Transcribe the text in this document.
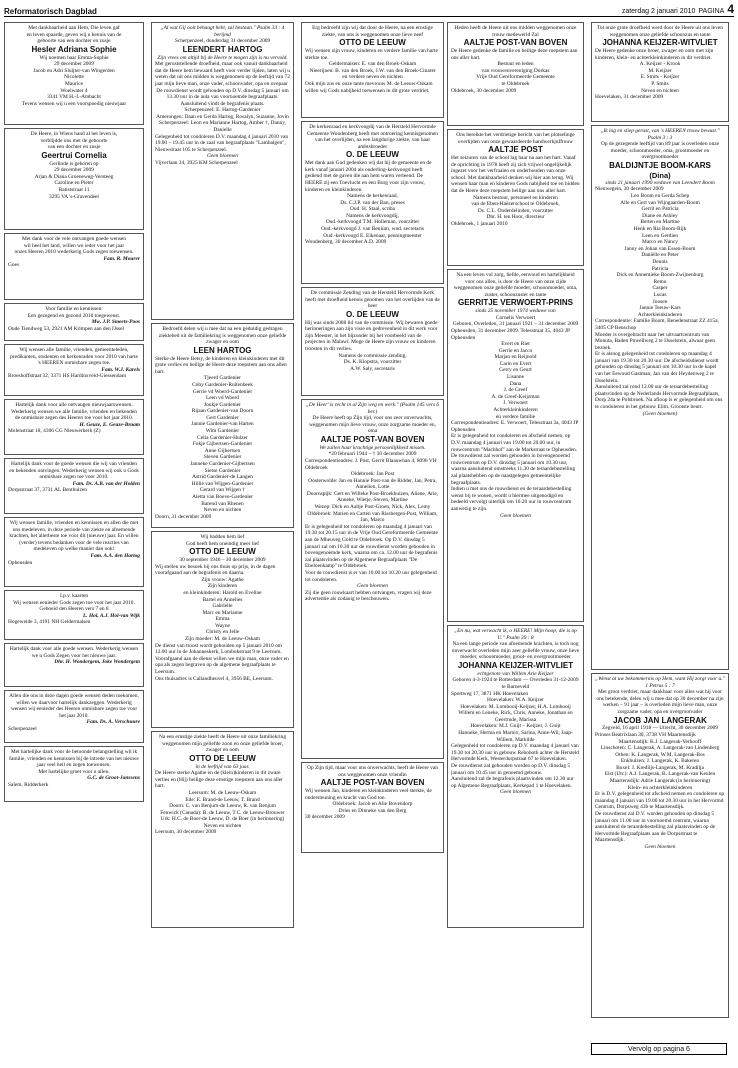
Reformatorisch Dagblad	zaterdag 2 januari 2010 PAGINA 4

Met dankbaarheid aan Hem, Die leven gaf

en leven spaarde, geven wij u kennis van de

geboorte van een dochter en zusje

Hesler Adriana Sophie

Wij noemen haar Emma-Sophie

29 december 2009

Jacob en Adri Sluijter-van Wingerden

Nicolette

Maurice

Woelwater 4

3341 VM H.-I.-Ambacht

Tevens wensen wij u een voorspoedig nieuwjaar

De Heere, in Wiens hand al het leven is,

verblijdde ons met de geboorte

van een dochter en zusje

Geertrui Cornelia

Gerlinde is geboren op

29 december 2009

Arjan & Diana Groeneweg-Versteeg

Caroline en Pieter

Batiststraat 11

3295 VA 's-Gravendeel

Met dank voor de vele ontvangen goede wensen

wil heel het land, willen we ieder voor het jaar

onzes Heeren 2010 wederkerig Gods zegen toewensen.

Fam. R. Mourer

Goes

Voor familie en kennissen:

Een gezegend en gezond 2010 toegewenst.

Mw. J.P. Smeets-Poos

Oude Tiendweg 53, 2921 AM Krimpen aan den IJssel

Wij wensen alle familie, vrienden, gemeenteleden, predikanten, studenten en kerkenraden voor 2010 van harte 's HEEREN onmisbare zegen toe.

Fam. W.J. Karels

Broeshoffstraat 32, 3371 HS Hardinxveld-Giessendam

Hartelijk dank voor alle ontvangen nieuwjaarswensen. Wederkerig wensen we alle familie, vrienden en bekenden de onmisbare zegen des Heeren toe voor het jaar 2010.

H. Geuze, E. Geuze-Braam

Molenstraat 18, 4306 CG Nieuwerkerk (Z)

Hartelijk dank voor de goede wensen die wij van vrienden en bekenden ontvingen. Wederkerig wensen wij ook u Gods onmisbare zegen toe voor 2010.

Fam. Ds. A.B. van der Holden

Dorpsstraat 37, 3731 AL Benthuizen

Wij wensen familie, vrienden en kennissen en allen die met ons medeleven, in deze periode van ziekte en afnemende krachten, het allerbeste toe voor dit (nieuwe) jaar. En willen (verder) tevens bedanken voor de vele reacties van medeleven op welke manier dan ook!

Fam. A.A. den Hartog

Opheusden

I.p.v. kaarten

Wij wensen eenieder Gods zegen toe voor het jaar 2010.

Geboeid den Heeren vers 7 en 8

L. Hol, A.J. Hol-van Wijk

Hogeweide 3, 4191 NH Geldermalsen

Hartelijk dank voor alle goede wensen. Wederkerig wensen we u Gods Zegen voor het nieuwe jaar.

Dhr. H. Wondergem, Joke Wondergem

Allen die ons in deze dagen goede wensen deden toekomen, willen we daarvoor hartelijk dankzeggen. Wederkerig wensen wij eenieder des Heeren onmisbare zegen toe voor het jaar 2010.

Fam. Ds. A. Verschuure

Scherpenzeel

Met hartelijke dank voor de betoonde belangstelling wil ik familie, vrienden en kennissen bij de intrede van het nieuwe jaar veel heil en zegen toewensen.

Met hartelijke groet voor u allen.

G.C. de Groot-Janssens

Salem, Ridderkerk

„Al wat Gij ooit behaagt hebt, zal bestaan." Psalm 33 : 4 berijmd

Scherpenzeel, donderdag 31 december 2009

LEENDERT HARTOG

Zijn vrees om altijd bij de Heere te mogen zijn is nu vervuld.

Met geruststellende droefheid, maar ook vanuit dankbaarheid dat de Heere hem bewaard heeft voor verder lijden, laten wij u weten dat uit ons midden is weggenomen op de leeftijd van 72 jaar mijn lieve man, onze vader, schoonvader, opa en ovepaar

De rouwdienst wordt gehouden op D.V. dinsdag 5 januari om 13.30 uur in de aula van voornoemde begraafplaats.

Aansluitend vindt de begrafenis plaats.

Scherpenzeel: E. Hartog-Gardenier

Amerongen: Daan en Gerda Hartog, Rosalyn, Suzanne, Jovin

Scherpenzeel: Leon en Marianne Hartog, Amber †, Danny, Danielle

Gelegenheid tot condoleren D.V. maandag 4 januari 2010 van 19.00 – 19.45 uur in de zaal van begraafplaats "Lambalgen", Nieuwstraat 105 te Scherpenzeel.

Geen bloemen

Vijverlaan 34, 3925 KM Scherpenzeel

Bedroefd delen wij u mee dat na een geduldig gedragen ziektebed uit de familiekring is weggenomen onze geliefde zwager en oom

LEEN HARTOG

Sterke de Heere Betsy, de kinderen en kleinkinderen met dit grote verlies en heilige de Heere deze roepstem aan ons allen hart.

Tjeerd Gardenier

Coby Gardenier-Ruitenbeek

Gerrie vd Woerd-Gardenier

Leen vd Woerd

Joukje Gardenier

Rijaan Gardenier-van Doorn

Gert Gardenier

Jannie Gardenier-van Harten

Wim Gardenier

Celia Gardenier-Hulzer

Fokje Gijbertsen-Gardenier

Anne Gijbertsen

Steven Gardenier

Janneke Gardenier-Gijbertsen

Sietse Gardenier

Astrid Gardenier-de Langen

Hillie van Wijgen-Gardenier

Gerard van Wijgen †

Aletta van Boeve-Gardenier

Barend van Rhenen

Neven en nichten

Doorn, 31 december 2009

Wij hadden hem lief

God heeft hem oneindig meer lief

OTTO DE LEEUW

30 september 1946 – 30 december 2009

Wij stellen uw besoek bij ons thuis op prijs, in de dagen voorafgaand aan de begrafenis en daarna.

Zijn vrouw: Agathe

Zijn kinderen

en kleinkinderen: Harold en Eveline

Bartel en Annelies

Gabrielle

Marc en Marianne

Emma

Wayne

Christy en Jelle

Zijn moeder: M. de Leeuw-Oskam

De dienst van troost wordt gehouden op 5 januari 2010 om 13.00 uur in de Johanneskerk, Lombokstraat 9 te Leersum. Voorafgaand aan de dienst willen we mijn man, onze vader en opa als zegen begraven op de algemene begraafplaats te Leersum.

Ons thuisadres is Callandheuvel 4, 3956 BE, Leersum.

Na een ernstige ziekte heeft de Heere uit onze familiekring weggenomen mijn geliefde zoon en onze geliefde broer, zwager en oom

OTTO DE LEEUW

in de leeftijd van 63 jaar.

De Heere sterke Agathe en de (klein)kinderen in dit zware verlies en (Hij) heilige deze ernstige roepstem aan ons aller hart.

Leersum: M. de Leeuw-Oskam

Ede: E. Brand-de Leeuw, T. Brand

Doorn: C. van Benjum-de Leeuw, R. van Benjum

Fenwick (Canada): B. de Leeuw, T.C. de Leeuw-Brouwer

Urk: H.C. de Boer-de Leeuw, D. de Boer (in herinnering)

Neven en nichten

Leersum, 30 december 2009

Erg bedroefd zijn wij dat door de Heere, na een ernstige ziekte, van ons is weggenomen onze lieve neef

OTTO DE LEEUW

Wij wensen zijn vrouw, kinderen en verdere familie van harte sterkte toe.

Geldermalsen: E. van den Broek-Oskam

Nieerijnen: B. van den Broek, J.W. van den Broek-Cinaret

en verdere neven en nichten

Ook mijn zus en onze tante mevrouw M. de Leeuw-Oskam willen wij Gods nabijheid toewensen in dit grote verdriet.

De kerkenraad en kerkvoogdij van de Hersteld Hervormde Gemeente Woudenberg heeft met ontroering kennisgenomen van het overlijden, na een langdurige ziekte, van haar ambtsbroeder

O. DE LEEUW

Met dank aan God gedenken wij dat hij de gemeente en de kerk vanaf januari 2004 als ouderling-kerkvoogd heeft gediend met de gaven die aan hem waren verleend. De HEERE zij een Toevlucht en een Burg voor zijn vrouw, kinderen en kleinkinderen.

Namens de kerkenraad,

Ds. C.J.P. van der Ban, preses

Oud. H. Staal, scriba

Namens de kerkvoogdij,

Oud.-kerkvoogd T.M. Holleman, voorzitter

Oud.-kerkvoogd J. van Benium, wnd. secretaris

Oud.-kerkvoogd E. Eikenaar, penningmeester

Woudenberg, 30 december A.D. 2009

De commissie Zending van de Hersteld Hervormde Kerk heeft met droefheid kennis genomen van het overlijden van de heer

O. DE LEEUW

Hij was sinds 2008 lid van de commissie. Wij bewaren goede herinneringen aan zijn visie en gedrevenheid in dit werk voor zijn Meester, in het bijzonder bij het voorbeeld van de projecten in Malawi. Moge de Heere zijn vrouw en kinderen troosten in dit verlies.

Namens de commissie zending,

Ds. K. Klopstra, voorzitter

A.W. Saly, secretaris

„De Heer' is recht in al Zijn weg en werk." (Psalm 145 vers 6 ber.)

De Heere heeft op Zijn tijd, voor ons zeer onverwachts, weggenomen mijn lieve vrouw, onze zorgzame moeder en, oma

AALTJE POST-VAN BOVEN

We zullen haar krachtige persoonlijkheid missen.

*20 februari 1944 – † 30 december 2009

Correspondentieadres: J. Post, Gerrit Blaauwhan 4, 8096 VH Oldebroek

Oldebroek: Jan Post

Oosterwolde: Jan en Hannie Post-van de Ridder, Jan, Petra, Annelien, Lotte

Doornspijk: Gert en Willeke Post-Broekhuizen, Aliene, Arie, Anneke, Wietje, Steven, Martine

Wezep: Dick en Aaltje Post-Groen, Nick, Alex, Lemy

Oldebroek: Marien en Carten van Rissbergen-Post, William, Jan, Marco

Er is gelegenheid tot condoleren op maandag 4 januari van 19.30 tot 20.15 uur in de Vrije Oud Gereformeerde Gemeente aan de Mheuveg Gold te Oldebroek. Op D.V. dinsdag 5 januari zal om 10.30 uur de rouwdienst worden gehouden in bovengenoemde kerk, waarna om ca. 12.00 uur de begrafenis zal plaatsvinden op de Algemene Begraafplaats "De Ebeloenkamp" te Oldebroek.

Voor de rouwdienst is er van 10.00 tot 10.20 uur gelegenheid tot condoleren.

Geen bloemen

Zij die geen rouwkaart hebben ontvangen, vragen wij deze advertentie als zodanig te beschouwen.

Op Zijn tijd, maar voor ons onverwachts, heeft de Heere van ons weggenomen onze vriendin

AALTJE POST-VAN BOVEN

Wij wensen Jan, kinderen en kleinkinderen veel sterkte, de ondersteuning en kracht van God toe.

Oldebroek: Jacob en Alie Bovendorp

Dries en Dinneke van den Berg

30 december 2009

Heden heeft de Heere uit ons midden weggenomen onze trouw medewerid Zal

AALTJE POST-VAN BOVEN

De Heere gedenke de familie en heilige deze roepstem aan ons aller hart.

Bestuur en leden

van vrouwenvereniging Dorkas

Vrije Oud Gereformeerde Gemeente

te Oldebroek

Oldebroek, 30 december 2009

Ons bereikte het verdrietige bericht van het plotselinge overlijden van onze gewaardeerde handwerkjuffrouw

AALTJE POST

Het seizuren van de school lag haar na aan het hart. Vanaf de oprichting in 1978 heeft zij zich vrijwel ongelijkelijk ingezet voor het verfraaien en onderhouden van onze school. Met dankbaarheid denken wij hier aan terug. Wij wensen haar man en kinderen Gods nabijheid toe en bidden dat de Heere deze roepstem heilige aan ons aller hart.

Namens bestuur, personeel en kinderen

van de Eben-Haëzerschool te Oldebroek,

Ds. C.L. Onderdelinden, voorzitter

Dhr. H. ten Hoor, directeur

Oldebroek, 1 januari 2010

Na een leven vol zorg, liefde, eenvoud en hartelijkheid voor ons allen, is door de Heere van onze zijde weggenomen onze geliefde moeder, schoonmoeder, oma, zuster, schoonzuster en tante

GERRITJE VERWOERT-PRINS

sinds 25 november 1974 weduwe van

Cornelis Verwoert

Geboren, Overleden, 31 januari 1921 – 31 december 2009

Opheusden, 31 december 2009. Telesstraat 35, 4043 JP Opheusden

Evert en Riet

Gerrie en Jacco

Marjan en Reijnold

Carin en Evert

Gerry en Geurt

Lisanne

Dana

J. de Greef

A. de Greef-Keijzman

J. Verwoert

Achterkleinkinderen

en verdere familie

Correspondentieadres: E. Verwoert, Telesstraat 3a, 4043 JP Opheusden

Er is gelegenheid tot condoleren en afscheid nemen, op D.V. maandag 4 januari van 19.00 tot 20.00 uur, in rouwcentrum "Machhof" aan de Markstraat te Opheusden. De rouwdienst zal worden gehouden in bovengenoemd rouwcentrum op D.V. dinsdag 5 januari om 10.30 uur, waarna aansluitend omstreeks 11.30 de teraardebestelling zal plaatshebben op de naastgelegen gemeentelijke begraafplaats.

Indien u met ons de rouwdienst en de teraardebestelling wenst bij te wonen, wordt u hiermee uitgenodigd en bedeeld vervolgt uiterlijk om 10.20 uur in rouwcentrum aanwezig te zijn.

Geen bloemen

„En nu, wat verwacht ik, o HEERE! Mijn hoop, die is op U." Psalm 39 : 8

Na een lange periode van afnemende krachten, is toch nog onverwacht overleden mijn zeer geliefde vrouw, onze lieve moeder, schoonmoeder, groot- en overgrootmoeder

JOHANNA KEIJZER-WITVLIET

echtgenote van Willem Arie Keijzer

Geboren 4-3-1924 te Rotterdam — Overleden 31-12-2009 te Barneveld

Sportweg 17, 3871 HK Hoevelaken

Hoevelaken: W.A. Keijzer

Hoevelaken: M. Lombooij-Keijzer, H.A. Lombooij

Willem en Leneke, Rick, Chris, Anneke, Jonathan en Geertrude, Marissa

Hoevelaken: M.J. Guijt – Keijzer, J. Guijt

Hanneke, Herma en Marnix, Sarina, Anne-Wil, Jaap-Willem, Mathilde

Gelegenheid tot condoleren op D.V. maandag 4 januari van 19.30 tot 20.30 uur in gebouw Rehoboth achter de Hersteld Hervormde Kerk, Westerdorpstraat 67 te Hoevelaken.

De rouwdienst zal gehouden worden op D.V. dinsdag 5 januari om 10.45 uur in genoemd gebouw.

Aansluitend zal de begrafenis plaatsvinden om 12.30 uur op Algemene Begraafplaats, Kerkepad 1 te Hoevelaken.

Geen bloemen

Tot onze grote droefheid werd door de Heere uit ons leven weggenomen onze geliefde schoonzus en tante

JOHANNA KEIJZER-WITVLIET

De Heere gedenke onze broer, zwager en oom met zijn kinderen, klein- en achterkleinkinderen in dit verdriet.

A. Keijzer - Krook

M. Keijzer

E. Smits - Keijzer

P. Smits

Neven en nichten

Hoevelaken, 31 december 2009

„Ik lag en sliep gerust, van 's HEEREN trouw bewust." Psalm 3 : 3

Op de gezegende leeftijd van 89 jaar is overleden onze moeder, schoonmoeder, oma, grootmoeder en overgrootmoeder

BALDIJNTJE BOOM-KARS

(Dina)

sinds 21 januari 1990 weduwe van Leendert Boom

Nieuwegein, 30 december 2009

Leo Boom en Gerda Schep

Alle en Gert van Wijngaarden-Boom

Gerrit en Patricia

Diane en Ashley

Berten en Martine

Henk en Ria Boom-Rijk

Leen en Gerdien

Marco en Nancy

Janny en Johan van Essen-Boom

Daniëlle en Peter

Dennis

Patricia

Dick en Annemieke Boom-Zwijnenburg

Remo

Casper

Lucas

Joosen

Jannie Teeuw-Kars

Achterkleinkinderen

Correspondentie: Familie Boom, Benedenstraat ZZ 415a, 3405 CP Benschop

Moeder is overgebracht naar het uitvaartcentrum van Monuta, Baden Powellweg 2 te IJsselstein, alwaar geen bezoek.

Er is alsnog gelegenheid tot condoleren op maandag 4 januari van 19.30 tot 20.30 uur. De afscheidsdienst wordt gehouden op dinsdag 5 januari om 10.30 uur in de kapel van het Eewoud Gastman, Jan van der Heydenweg 2 te IJsselstein.

Aansluitend zal rond 12.00 uur de teraardebestelling plaatsvinden op de Nederlands Hervormde Begraafplaats, Dorp 24a te Polsbroek. Na afloop is er gelegenheid om ons te condoleren in het gebouw Elim. Grootste beurt.

(Geen bloemen)

„Wenst al uw bekommernis op Hem, want Hij zorgt voor u." 1 Petrus 5 : 7

Met groot verdriet, maar dankbaar voor alles wat hij voor ons betekende, delen wij u mee dat op 30 december na zijn werken – 91 jaar – is overleden mijn lieve man, onze zorgzame vader, opa en overgrootvader

JACOB JAN LANGERAK

Zegveld, 16 april 1918 — Utrecht, 30 december 2009

Prinses Beatrixlaan 30, 3738 VH Maartensdijk

Maartensdijk: K.J. Langerak-Verhooff

Linschoten: C. Langerak, A. Langerak-van Lindenberg

Othen: K. Langerak, W.M. Langerak-Bos

Enkhuizen: J. Langerak, K. Bakeren

Boxel: J. Krediljs-Langerak, M. Kradilja

Elst (Utr.): A.J. Langerak, B. Langerak-van Keulen

Maartensdijk: Adrie Langerak (in herinnering)

Klein- en achterkleinkinderen

Er is D.V. gelegenheid tot afscheid nemen en condoleren op maandag 4 januari van 19.00 tot 20.30 uur in het Hervormd Centrum, Dorpsweg 43b te Maartensdijk.

De rouwdienst zal D.V. worden gehouden op dinsdag 5 januari om 11.00 uur in voornoemd centrum, waarna aansluitend de teraardebestelling zal plaatsvinden op de Hervormde Begraafplaats aan de Dorpsstraat te Maartensdijk.

Geen bloemen

Vervolg op pagina 6
